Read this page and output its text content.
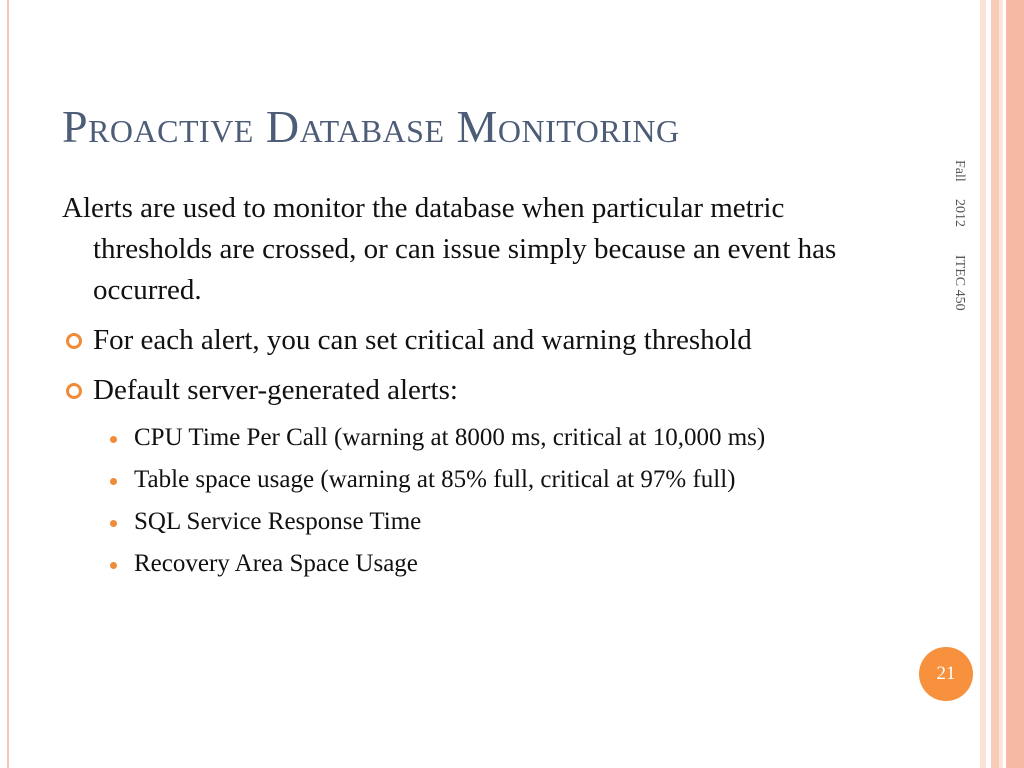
Proactive Database Monitoring

Alerts are used to monitor the database when particular metric thresholds are crossed, or can issue simply because an event has occurred.

For each alert, you can set critical and warning threshold
Default server-generated alerts:
CPU Time Per Call (warning at 8000 ms, critical at 10,000 ms)
Table space usage (warning at 85% full, critical at 97% full)
SQL Service Response Time
Recovery Area Space Usage
Fall 2012 ITEC 450
21
